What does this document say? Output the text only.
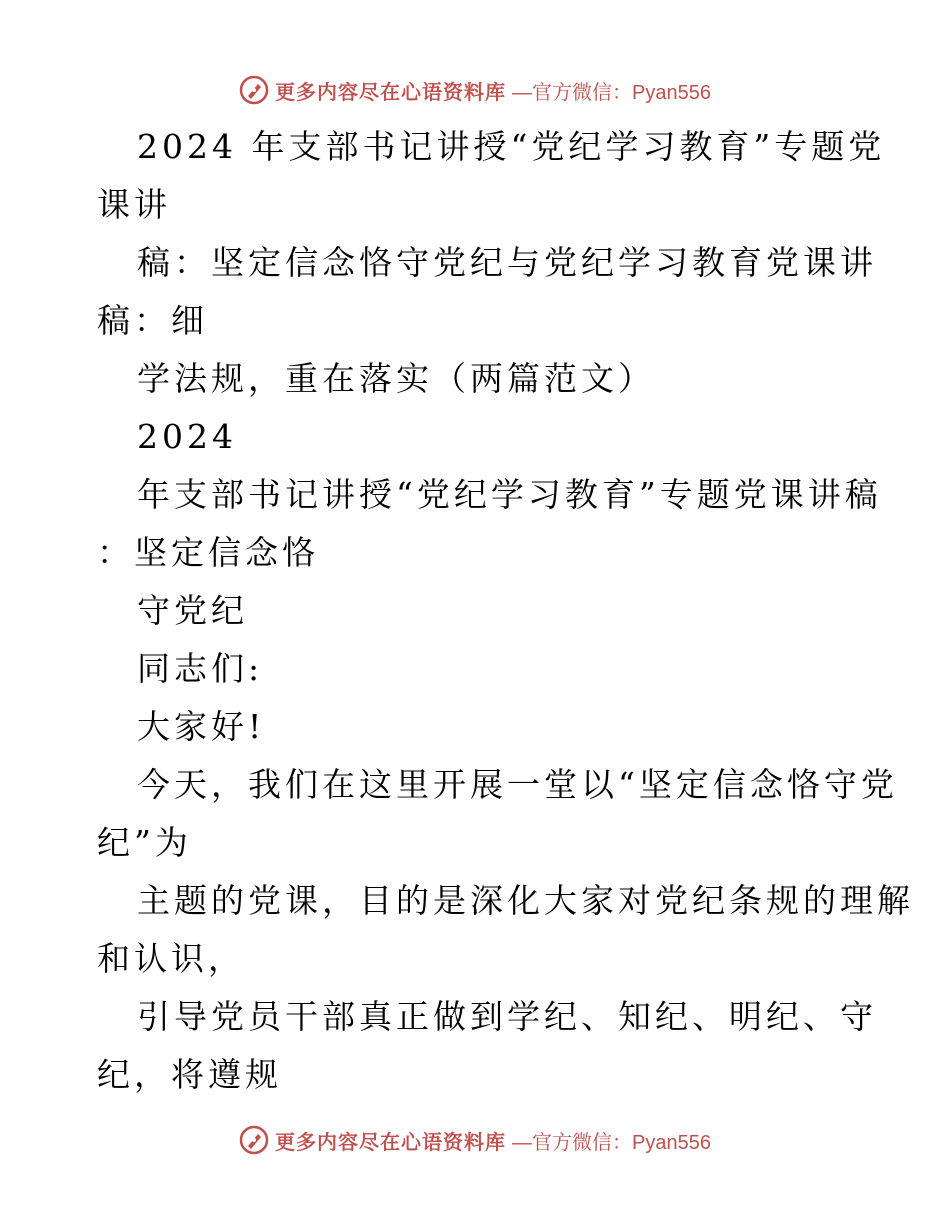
更多内容尽在心语资料库 —官方微信：Pyan556
2024 年支部书记讲授“党纪学习教育”专题党
课讲
稿：坚定信念恪守党纪与党纪学习教育党课讲
稿：细
学法规，重在落实（两篇范文）
2024
年支部书记讲授“党纪学习教育”专题党课讲稿
：坚定信念恪
守党纪
同志们:
大家好!
今天，我们在这里开展一堂以“坚定信念恪守党
纪”为
主题的党课，目的是深化大家对党纪条规的理解
和认识，
引导党员干部真正做到学纪、知纪、明纪、守
纪，将遵规
更多内容尽在心语资料库 —官方微信：Pyan556
